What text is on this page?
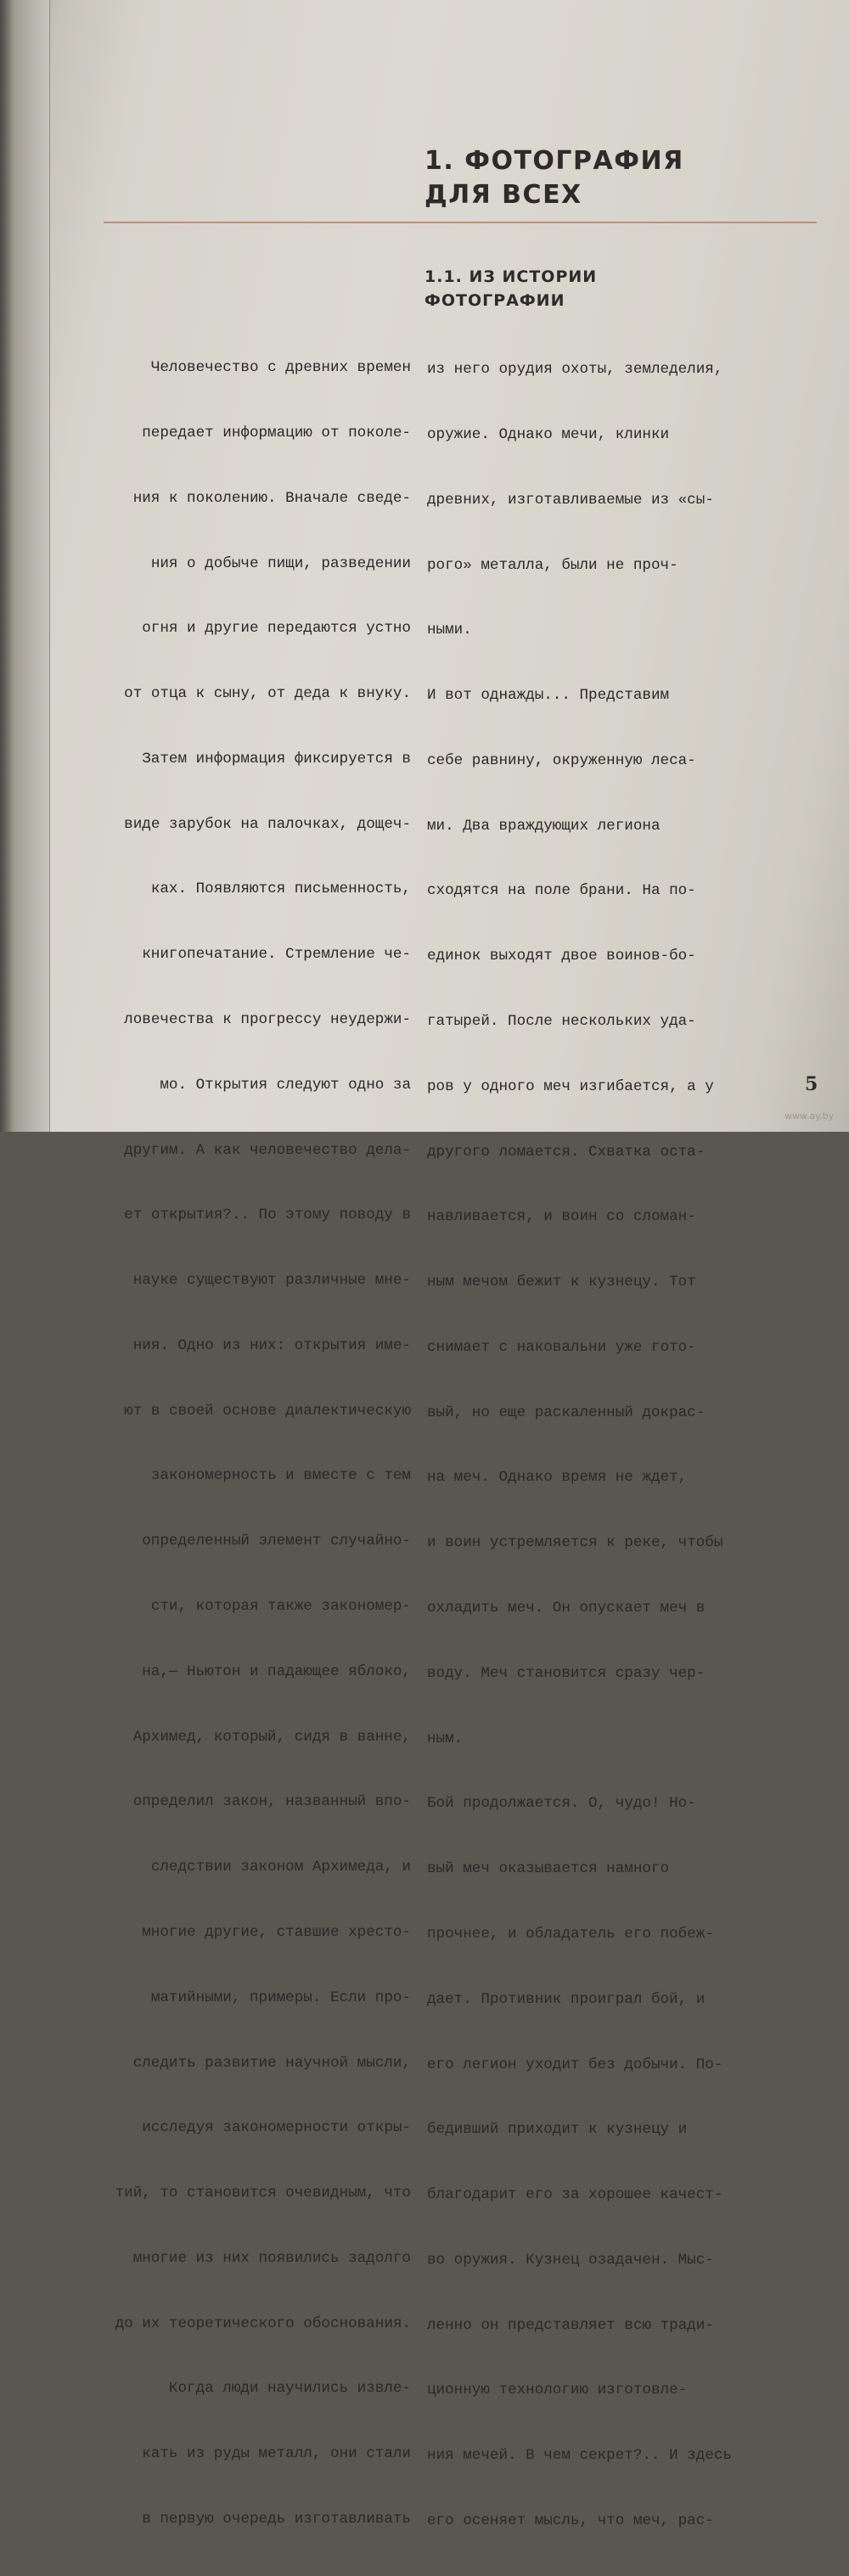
1. ФОТОГРАФИЯ
ДЛЯ ВСЕХ
1.1. ИЗ ИСТОРИИ
ФОТОГРАФИИ

Человечество с древних времен

передает информацию от поколе-

ния к поколению. Вначале сведе-

ния о добыче пищи, разведении

огня и другие передаются устно

от отца к сыну, от деда к внуку.

Затем информация фиксируется в

виде зарубок на палочках, дощеч-

ках. Появляются письменность,

книгопечатание. Стремление че-

ловечества к прогрессу неудержи-

мо. Открытия следуют одно за

другим. А как человечество дела-

ет открытия?.. По этому поводу в

науке существуют различные мне-

ния. Одно из них: открытия име-

ют в своей основе диалектическую

закономерность и вместе с тем

определенный элемент случайно-

сти, которая также закономер-

на,— Ньютон и падающее яблоко,

Архимед, который, сидя в ванне,

определил закон, названный впо-

следствии законом Архимеда, и

многие другие, ставшие хресто-

матийными, примеры. Если про-

следить развитие научной мысли,

исследуя закономерности откры-

тий, то становится очевидным, что

многие из них появились задолго

до их теоретического обоснования.

Когда люди научились извле-

кать из руды металл, они стали

в первую очередь изготавливать

из него орудия охоты, земледелия,

оружие. Однако мечи, клинки

древних, изготавливаемые из «сы-

рого» металла, были не проч-

ными.

И вот однажды... Представим

себе равнину, окруженную леса-

ми. Два враждующих легиона

сходятся на поле брани. На по-

единок выходят двое воинов-бо-

гатырей. После нескольких уда-

ров у одного меч изгибается, а у

другого ломается. Схватка оста-

навливается, и воин со сломан-

ным мечом бежит к кузнецу. Тот

снимает с наковальни уже гото-

вый, но еще раскаленный докрас-

на меч. Однако время не ждет,

и воин устремляется к реке, чтобы

охладить меч. Он опускает меч в

воду. Меч становится сразу чер-

ным.

Бой продолжается. О, чудо! Но-

вый меч оказывается намного

прочнее, и обладатель его побеж-

дает. Противник проиграл бой, и

его легион уходит без добычи. По-

бедивший приходит к кузнецу и

благодарит его за хорошее качест-

во оружия. Кузнец озадачен. Мыс-

ленно он представляет всю тради-

ционную технологию изготовле-

ния мечей. В чем секрет?.. И здесь

его осеняет мысль, что меч, рас-

5

www.ay.by
